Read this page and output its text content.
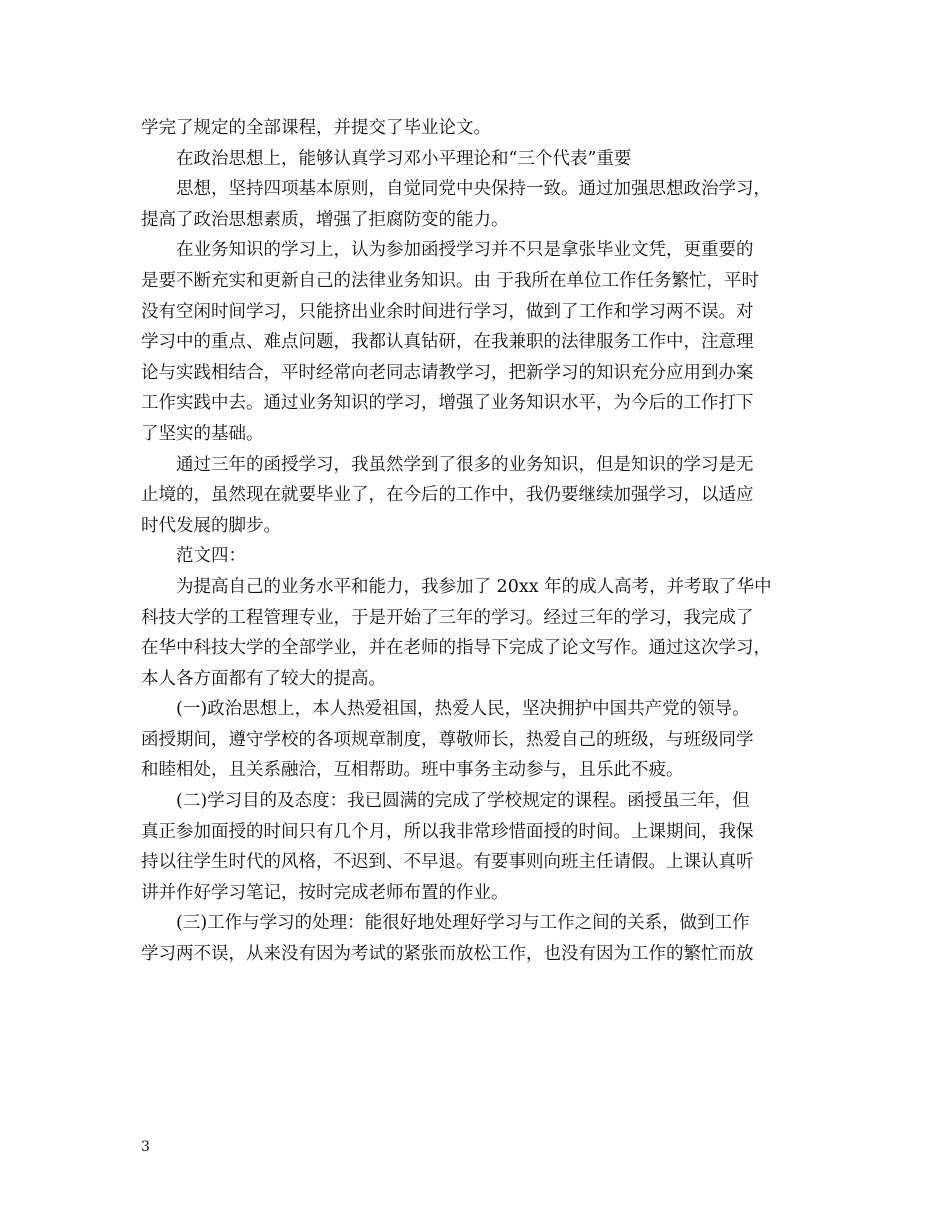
学完了规定的全部课程，并提交了毕业论文。

在政治思想上，能够认真学习邓小平理论和“三个代表”重要

思想，坚持四项基本原则，自觉同党中央保持一致。通过加强思想政治学习，
提高了政治思想素质，增强了拒腐防变的能力。

在业务知识的学习上，认为参加函授学习并不只是拿张毕业文凭，更重要的
是要不断充实和更新自己的法律业务知识。由 于我所在单位工作任务繁忙，平时
没有空闲时间学习，只能挤出业余时间进行学习，做到了工作和学习两不误。对
学习中的重点、难点问题，我都认真钻研，在我兼职的法律服务工作中，注意理
论与实践相结合，平时经常向老同志请教学习，把新学习的知识充分应用到办案
工作实践中去。通过业务知识的学习，增强了业务知识水平，为今后的工作打下
了坚实的基础。

通过三年的函授学习，我虽然学到了很多的业务知识，但是知识的学习是无
止境的，虽然现在就要毕业了，在今后的工作中，我仍要继续加强学习，以适应
时代发展的脚步。

范文四：

为提高自己的业务水平和能力，我参加了 20xx 年的成人高考，并考取了华中
科技大学的工程管理专业，于是开始了三年的学习。经过三年的学习，我完成了
在华中科技大学的全部学业，并在老师的指导下完成了论文写作。通过这次学习，
本人各方面都有了较大的提高。

(一)政治思想上，本人热爱祖国，热爱人民，坚决拥护中国共产党的领导。
函授期间，遵守学校的各项规章制度，尊敬师长，热爱自己的班级，与班级同学
和睦相处，且关系融洽，互相帮助。班中事务主动参与，且乐此不疲。

(二)学习目的及态度：我已圆满的完成了学校规定的课程。函授虽三年，但
真正参加面授的时间只有几个月，所以我非常珍惜面授的时间。上课期间，我保
持以往学生时代的风格，不迟到、不早退。有要事则向班主任请假。上课认真听
讲并作好学习笔记，按时完成老师布置的作业。

(三)工作与学习的处理：能很好地处理好学习与工作之间的关系，做到工作
学习两不误，从来没有因为考试的紧张而放松工作，也没有因为工作的繁忙而放

3
